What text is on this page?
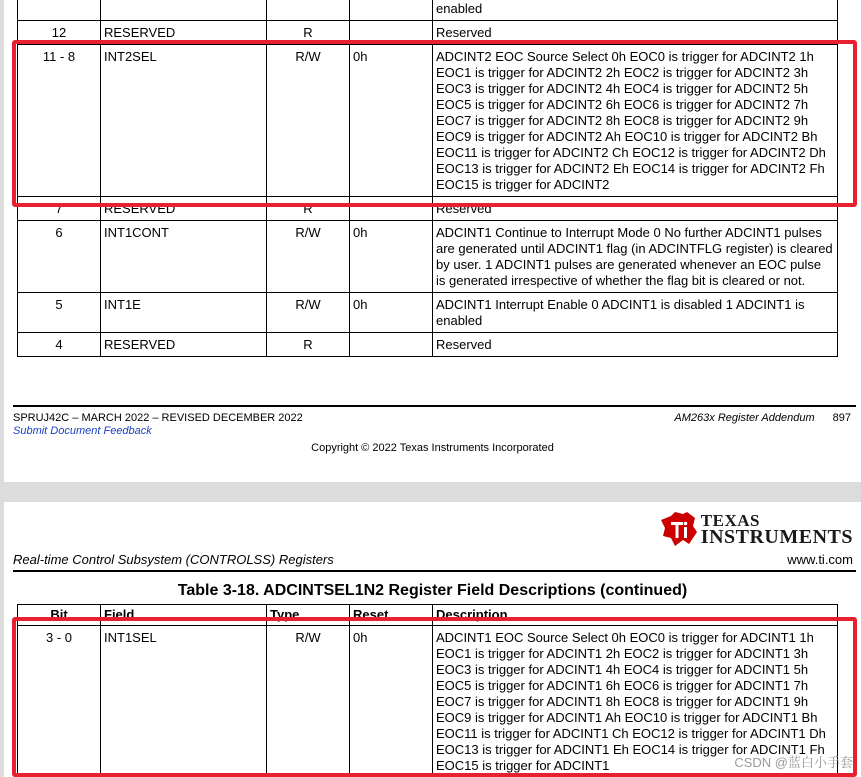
				enabled
12	RESERVED	R		Reserved
11 - 8	INT2SEL	R/W	0h	ADCINT2 EOC Source Select 0h EOC0 is trigger for ADCINT2 1h EOC1 is trigger for ADCINT2 2h EOC2 is trigger for ADCINT2 3h EOC3 is trigger for ADCINT2 4h EOC4 is trigger for ADCINT2 5h EOC5 is trigger for ADCINT2 6h EOC6 is trigger for ADCINT2 7h EOC7 is trigger for ADCINT2 8h EOC8 is trigger for ADCINT2 9h EOC9 is trigger for ADCINT2 Ah EOC10 is trigger for ADCINT2 Bh EOC11 is trigger for ADCINT2 Ch EOC12 is trigger for ADCINT2 Dh EOC13 is trigger for ADCINT2 Eh EOC14 is trigger for ADCINT2 Fh EOC15 is trigger for ADCINT2
7	RESERVED	R		Reserved
6	INT1CONT	R/W	0h	ADCINT1 Continue to Interrupt Mode 0 No further ADCINT1 pulses are generated until ADCINT1 flag (in ADCINTFLG register) is cleared by user. 1 ADCINT1 pulses are generated whenever an EOC pulse is generated irrespective of whether the flag bit is cleared or not.
5	INT1E	R/W	0h	ADCINT1 Interrupt Enable 0 ADCINT1 is disabled 1 ADCINT1 is enabled
4	RESERVED	R		Reserved
SPRUJ42C – MARCH 2022 – REVISED DECEMBER 2022
Submit Document Feedback
AM263x Register Addendum 897
Copyright © 2022 Texas Instruments Incorporated
TEXAS
INSTRUMENTS
Real-time Control Subsystem (CONTROLSS) Registers	www.ti.com
Table 3-18. ADCINTSEL1N2 Register Field Descriptions (continued)
Bit	Field	Type	Reset	Description
3 - 0	INT1SEL	R/W	0h	ADCINT1 EOC Source Select 0h EOC0 is trigger for ADCINT1 1h EOC1 is trigger for ADCINT1 2h EOC2 is trigger for ADCINT1 3h EOC3 is trigger for ADCINT1 4h EOC4 is trigger for ADCINT1 5h EOC5 is trigger for ADCINT1 6h EOC6 is trigger for ADCINT1 7h EOC7 is trigger for ADCINT1 8h EOC8 is trigger for ADCINT1 9h EOC9 is trigger for ADCINT1 Ah EOC10 is trigger for ADCINT1 Bh EOC11 is trigger for ADCINT1 Ch EOC12 is trigger for ADCINT1 Dh EOC13 is trigger for ADCINT1 Eh EOC14 is trigger for ADCINT1 Fh EOC15 is trigger for ADCINT1	CSDN @蓝白小手套
